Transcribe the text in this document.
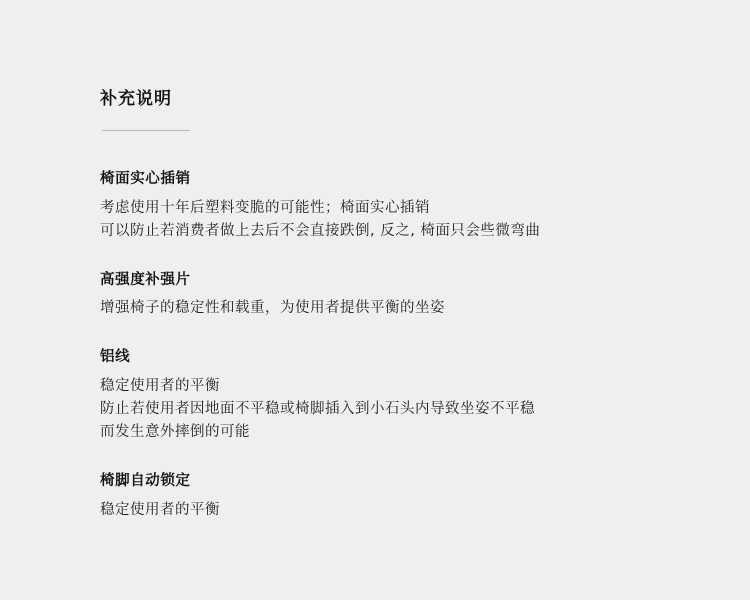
补充说明

椅面实心插销

考虑使用十年后塑料变脆的可能性；椅面实心插销

可以防止若消费者做上去后不会直接跌倒, 反之, 椅面只会些微弯曲

高强度补强片

增强椅子的稳定性和载重，为使用者提供平衡的坐姿

铝线

稳定使用者的平衡

防止若使用者因地面不平稳或椅脚插入到小石头内导致坐姿不平稳

而发生意外摔倒的可能

椅脚自动锁定

稳定使用者的平衡
